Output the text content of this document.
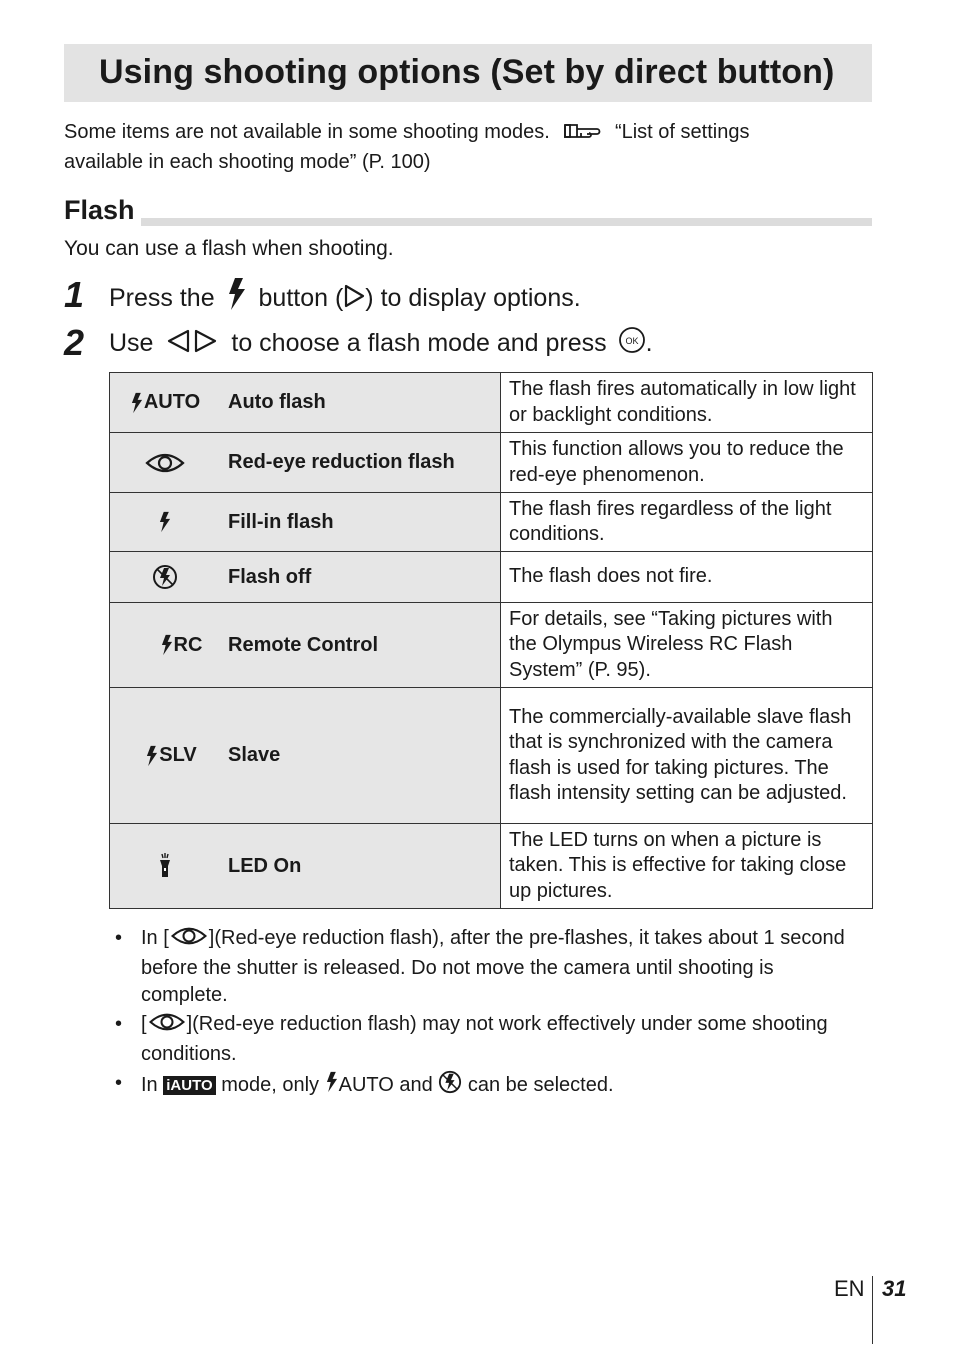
Using shooting options (Set by direct button)
Some items are not available in some shooting modes.	“List of settings
available in each shooting mode” (P. 100)
Flash
You can use a flash when shooting.
1 Press the button ( ) to display options.
2 Use	to choose a flash mode and press OK .
AUTO Auto flash	The flash fires automatically in low light or backlight conditions.

Red-eye reduction flash	This function allows you to reduce the red-eye phenomenon.

Fill-in flash	The flash fires regardless of the light conditions.

Flash off	The flash does not fire.

RC Remote Control	For details, see “Taking pictures with the Olympus Wireless RC Flash System” (P. 95).

SLV Slave	The commercially-available slave flash that is synchronized with the camera flash is used for taking pictures. The flash intensity setting can be adjusted.

LED On	The LED turns on when a picture is taken. This is effective for taking close up pictures.
• In [ ](Red-eye reduction flash), after the pre-flashes, it takes about 1 second before the shutter is released. Do not move the camera until shooting is complete.
• [ ](Red-eye reduction flash) may not work effectively under some shooting conditions.
• In iAUTO mode, only AUTO and can be selected.
EN 31
